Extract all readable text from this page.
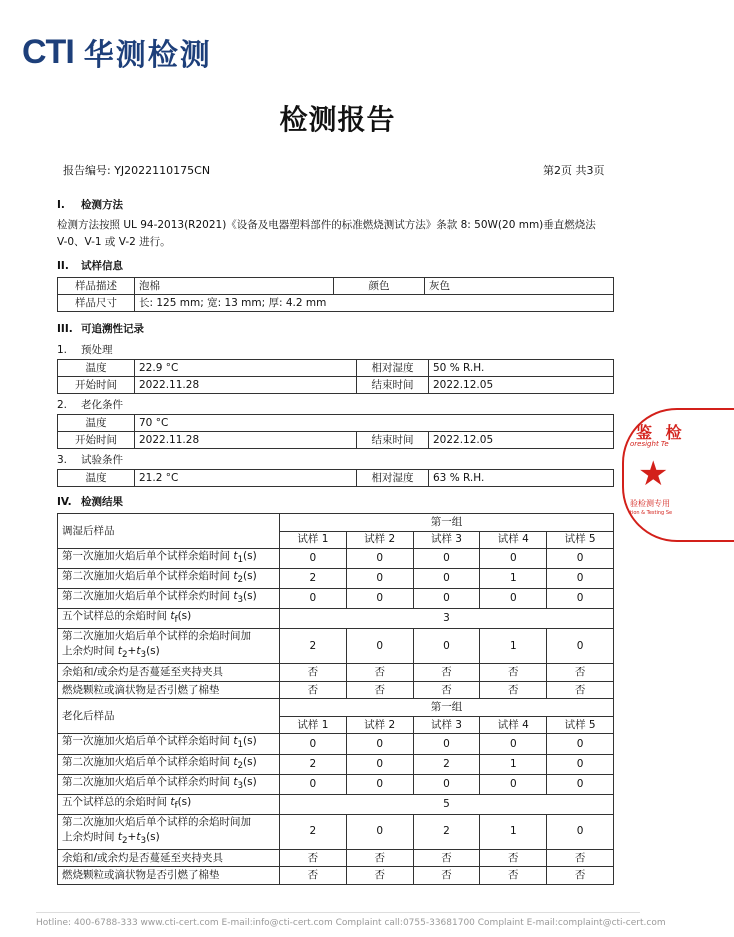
CTI 华测检测
检测报告
报告编号: YJ2022110175CN	第2页 共3页
I. 检测方法
检测方法按照 UL 94-2013(R2021)《设备及电器塑料部件的标准燃烧测试方法》条款 8: 50W(20 mm)垂直燃烧法
V-0、V-1 或 V-2 进行。
II. 试样信息
样品描述	泡棉	颜色	灰色
样品尺寸	长: 125 mm; 宽: 13 mm; 厚: 4.2 mm		
III. 可追溯性记录
1. 预处理
温度	22.9 °C	相对湿度	50 % R.H.
开始时间	2022.11.28	结束时间	2022.12.05
2. 老化条件
温度	70 °C		
开始时间	2022.11.28	结束时间	2022.12.05
3. 试验条件
温度	21.2 °C	相对湿度	63 % R.H.
IV. 检测结果
调湿后样品	第一组				
	试样 1	试样 2	试样 3	试样 4	试样 5
第一次施加火焰后单个试样余焰时间 $t_1(s)$	0	0	0	0	0
第二次施加火焰后单个试样余焰时间 $t_2(s)$	2	0	0	1	0
第二次施加火焰后单个试样余灼时间 $t_3(s)$	0	0	0	0	0
五个试样总的余焰时间 $t_f(s)$	3				

第二次施加火焰后单个试样的余焰时间加
上余灼时间 $t_2+t_3(s)$	2	0	0	1	0
余焰和/或余灼是否蔓延至夹持夹具	否	否	否	否	否
燃烧颗粒或滴状物是否引燃了棉垫	否	否	否	否	否
老化后样品	第一组				
	试样 1	试样 2	试样 3	试样 4	试样 5
第一次施加火焰后单个试样余焰时间 $t_1(s)$	0	0	0	0	0
第二次施加火焰后单个试样余焰时间 $t_2(s)$	2	0	2	1	0
第二次施加火焰后单个试样余灼时间 $t_3(s)$	0	0	0	0	0
五个试样总的余焰时间 $t_f(s)$	5				

第二次施加火焰后单个试样的余焰时间加
上余灼时间 $t_2+t_3(s)$	2	0	2	1	0
余焰和/或余灼是否蔓延至夹持夹具	否	否	否	否	否
燃烧颗粒或滴状物是否引燃了棉垫	否	否	否	否	否
鉴 检
oresight Te
★
验检测专用
tion & Testing Se
Hotline: 400-6788-333 www.cti-cert.com E-mail:info@cti-cert.com Complaint call:0755-33681700 Complaint E-mail:complaint@cti-cert.com
